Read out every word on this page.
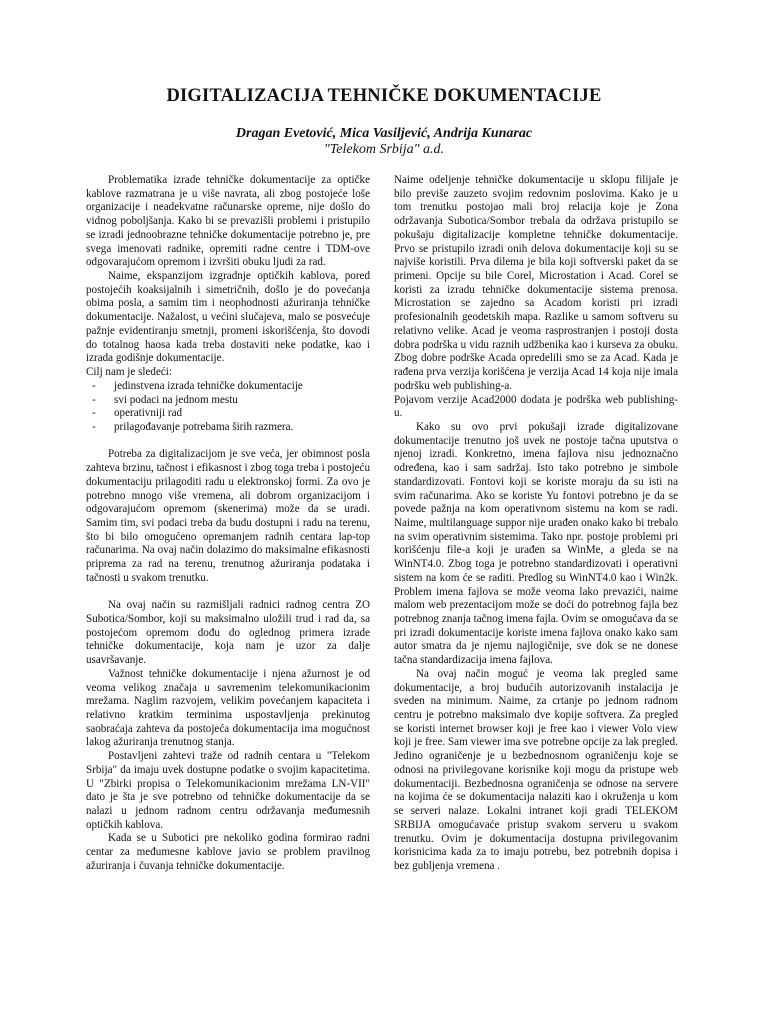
DIGITALIZACIJA TEHNIČKE DOKUMENTACIJE
Dragan Evetović, Mica Vasiljević, Andrija Kunarac
"Telekom Srbija" a.d.

Problematika izrade tehničke dokumentacije za optičke kablove razmatrana je u više navrata, ali zbog postojeće loše organizacije i neadekvatne računarske opreme, nije došlo do vidnog poboljšanja. Kako bi se prevazišli problemi i pristupilo se izradi jednoobrazne tehničke dokumentacije potrebno je, pre svega imenovati radnike, opremiti radne centre i TDM-ove odgovarajućom opremom i izvršiti obuku ljudi za rad.

Naime, ekspanzijom izgradnje optičkih kablova, pored postojećih koaksijalnih i simetričnih, došlo je do povećanja obima posla, a samim tim i neophodnosti ažuriranja tehničke dokumentacije. Nažalost, u većini slučajeva, malo se posvećuje pažnje evidentiranju smetnji, promeni iskorišćenja, što dovodi do totalnog haosa kada treba dostaviti neke podatke, kao i izrada godišnje dokumentacije.

Cilj nam je sledeći:

- jedinstvena izrada tehničke dokumentacije
- svi podaci na jednom mestu
- operativniji rad
- prilagođavanje potrebama širih razmera.

Potreba za digitalizacijom je sve veća, jer obimnost posla zahteva brzinu, tačnost i efikasnost i zbog toga treba i postojeću dokumentaciju prilagoditi radu u elektronskoj formi. Za ovo je potrebno mnogo više vremena, ali dobrom organizacijom i odgovarajućom opremom (skenerima) može da se uradi. Samim tim, svi podaci treba da budu dostupni i radu na terenu, što bi bilo omogućeno opremanjem radnih centara lap-top računarima. Na ovaj način dolazimo do maksimalne efikasnosti pripremа za rad na terenu, trenutnog ažuriranja podataka i tačnosti u svakom trenutku.

Na ovaj način su razmišljali radnici radnog centra ZO Subotica/Sombor, koji su maksimalno uložili trud i rad da, sa postojećom opremom dođu do oglednog primera izrade tehničke dokumentacije, koja nam je uzor za dalje usavršavanje.

Važnost tehničke dokumentacije i njena ažurnost je od veoma velikog značaja u savremenim telekomunikacionim mrežama. Naglim razvojem, velikim povećanjem kapaciteta i relativno kratkim terminima uspostavljenja prekinutog saobraćaja zahteva da postojeća dokumentacija ima mogućnost lakog ažuriranja trenutnog stanja.

Postavljeni zahtevi traže od radnih centara u "Telekom Srbija" da imaju uvek dostupne podatke o svojim kapacitetima. U "Zbirki propisa o Telekomunikacionim mrežama LN-VII" dato je šta je sve potrebno od tehničke dokumentacije da se nalazi u jednom radnom centru održavanja međumesnih optičkih kablova.

Kada se u Subotici pre nekoliko godina formirao radni centar za međumesne kablove javio se problem pravilnog ažuriranja i čuvanja tehničke dokumentacije.

Naime odeljenje tehničke dokumentacije u sklopu filijale je bilo previše zauzeto svojim redovnim poslovima. Kako je u tom trenutku postojao mali broj relacija koje je Zona održavanja Subotica/Sombor trebala da održava pristupilo se pokušaju digitalizacije kompletne tehničke dokumentacije. Prvo se pristupilo izradi onih delova dokumentacije koji su se najviše koristili. Prva dilema je bila koji softverski paket da se primeni. Opcije su bile Corel, Microstation i Acad. Corel se koristi za izradu tehničke dokumentacije sistema prenosa. Microstation se zajedno sa Acadom koristi pri izradi profesionalnih geodetskih mapa. Razlike u samom softveru su relativno velike. Acad je veoma rasprostranjen i postoji dosta dobra podrška u vidu raznih udžbenika kao i kurseva za obuku. Zbog dobre podrške Acada opredelili smo se za Acad. Kada je rađena prva verzija korišćena je verzija Acad 14 koja nije imala podršku web publishing-a.

Pojavom verzije Acad2000 dodata je podrška web publishing-u.

Kako su ovo prvi pokušaji izrade digitalizovane dokumentacije trenutno još uvek ne postoje tačna uputstva o njenoj izradi. Konkretno, imena fajlova nisu jednoznačno određena, kao i sam sadržaj. Isto tako potrebno je simbole standardizovati. Fontovi koji se koriste moraju da su isti na svim računarima. Ako se koriste Yu fontovi potrebno je da se povede pažnja na kom operativnom sistemu na kom se radi. Naime, multilanguage suppor nije urađen onako kako bi trebalo na svim operativnim sistemima. Tako npr. postoje problemi pri korišćenju file-a koji je urađen sa WinMe, a gleda se na WinNT4.0. Zbog toga je potrebno standardizovati i operativni sistem na kom će se raditi. Predlog su WinNT4.0 kao i Win2k. Problem imena fajlova se može veoma lako prevazići, naime malom web prezentacijom može se doći do potrebnog fajla bez potrebnog znanja tačnog imena fajla. Ovim se omogućava da se pri izradi dokumentacije koriste imena fajlova onako kako sam autor smatra da je njemu najlogičnije, sve dok se ne donese tačna standardizacija imena fajlova.

Na ovaj način moguć je veoma lak pregled same dokumentacije, a broj budućih autorizovanih instalacija je sveden na minimum. Naime, za crtanje po jednom radnom centru je potrebno maksimalo dve kopije softvera. Za pregled se koristi internet browser koji je free kao i viewer Volo view koji je free. Sam viewer ima sve potrebne opcije za lak pregled. Jedino ograničenje je u bezbednosnom ograničenju koje se odnosi na privilegovane korisnike koji mogu da pristupe web dokumentaciji. Bezbednosna ograničenja se odnose na servere na kojima će se dokumentacija nalaziti kao i okruženja u kom se serveri nalaze. Lokalni intranet koji gradi TELEKOM SRBIJA omogućavaće pristup svakom serveru u svakom trenutku. Ovim je dokumentacija dostupna privilegovanim korisnicima kada za to imaju potrebu, bez potrebnih dopisa i bez gubljenja vremena .
